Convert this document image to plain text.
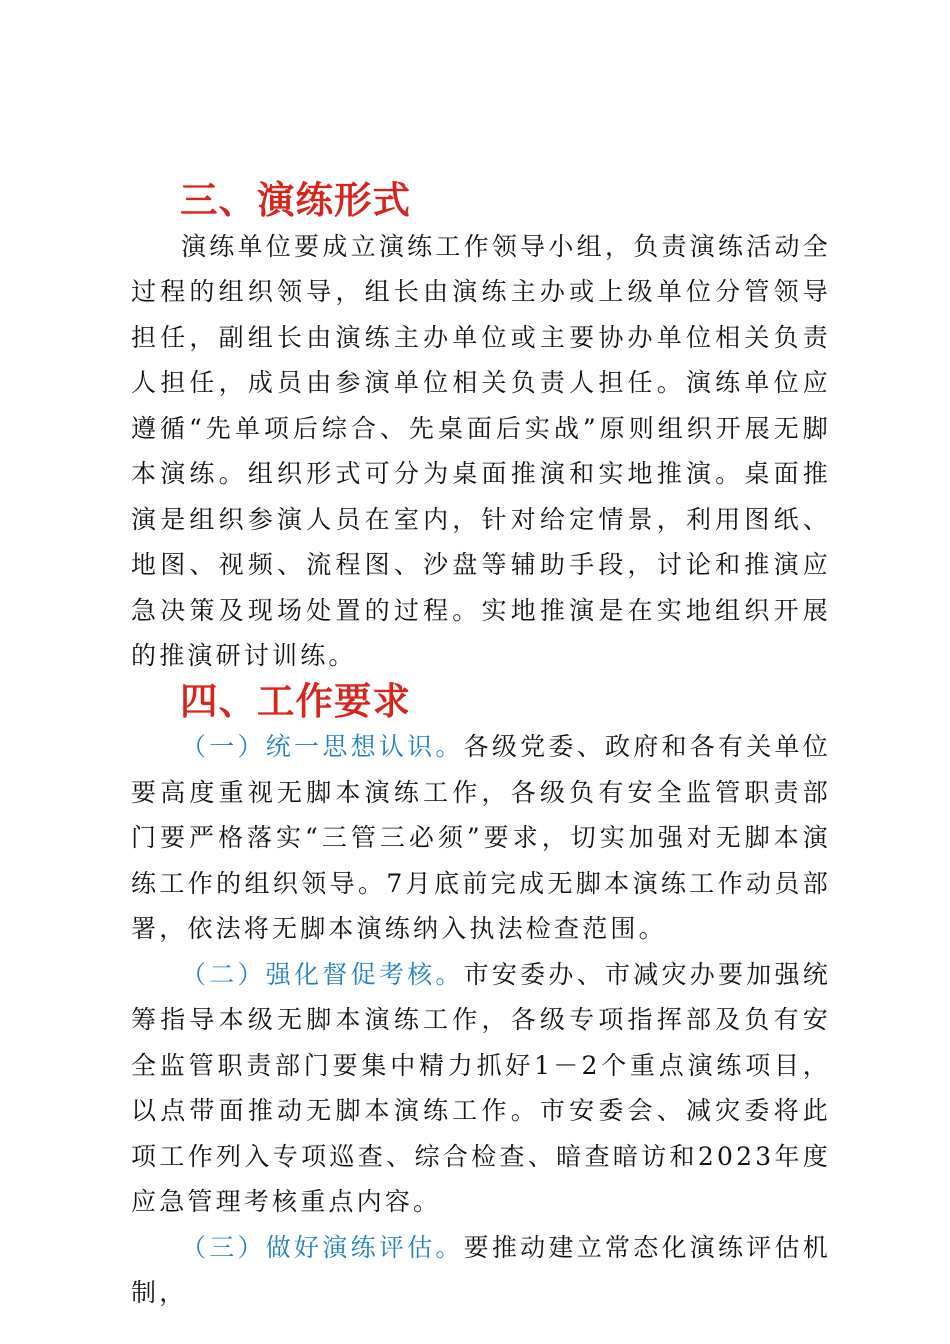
三、演练形式

演练单位要成立演练工作领导小组，负责演练活动全过程的组织领导，组长由演练主办或上级单位分管领导担任，副组长由演练主办单位或主要协办单位相关负责人担任，成员由参演单位相关负责人担任。演练单位应遵循“先单项后综合、先桌面后实战”原则组织开展无脚本演练。组织形式可分为桌面推演和实地推演。桌面推演是组织参演人员在室内，针对给定情景，利用图纸、地图、视频、流程图、沙盘等辅助手段，讨论和推演应急决策及现场处置的过程。实地推演是在实地组织开展的推演研讨训练。

四、工作要求

（一）统一思想认识。各级党委、政府和各有关单位要高度重视无脚本演练工作，各级负有安全监管职责部门要严格落实“三管三必须”要求，切实加强对无脚本演练工作的组织领导。7月底前完成无脚本演练工作动员部署，依法将无脚本演练纳入执法检查范围。

（二）强化督促考核。市安委办、市减灾办要加强统筹指导本级无脚本演练工作，各级专项指挥部及负有安全监管职责部门要集中精力抓好1－2个重点演练项目，以点带面推动无脚本演练工作。市安委会、减灾委将此项工作列入专项巡查、综合检查、暗查暗访和2023年度应急管理考核重点内容。

（三）做好演练评估。要推动建立常态化演练评估机制，
